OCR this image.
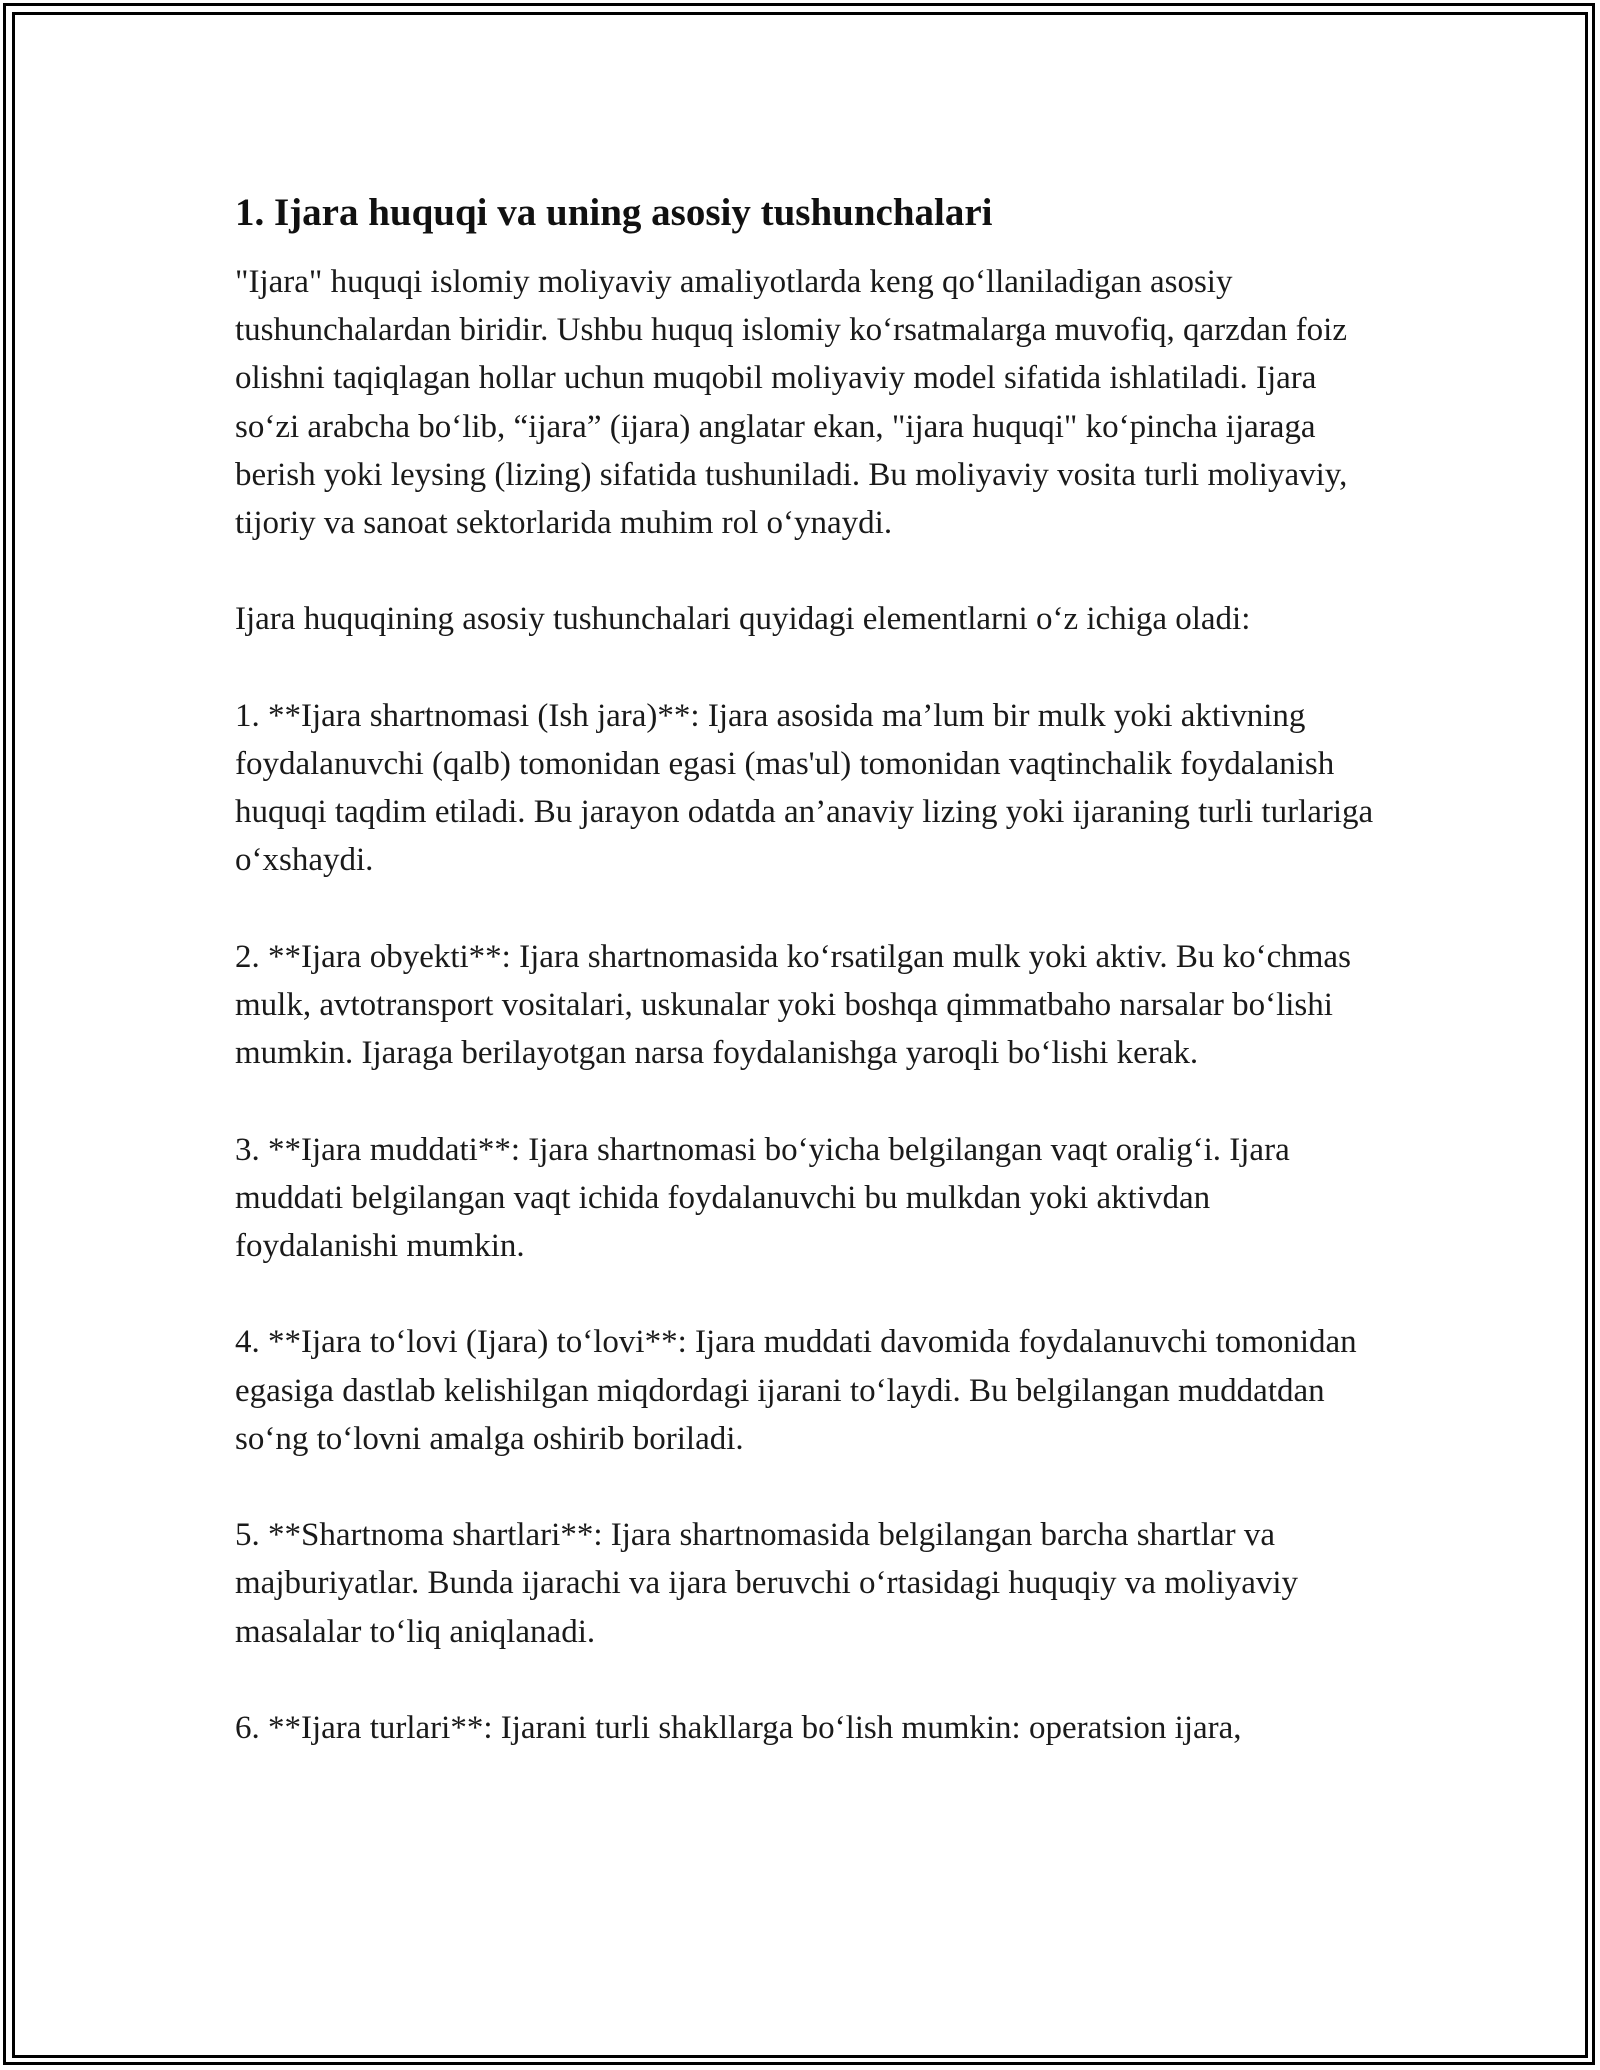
1. Ijara huquqi va uning asosiy tushunchalari

"Ijara" huquqi islomiy moliyaviy amaliyotlarda keng qo‘llaniladigan asosiy tushunchalardan biridir. Ushbu huquq islomiy ko‘rsatmalarga muvofiq, qarzdan foiz olishni taqiqlagan hollar uchun muqobil moliyaviy model sifatida ishlatiladi. Ijara so‘zi arabcha bo‘lib, “ijara” (ijara) anglatar ekan, "ijara huquqi" ko‘pincha ijaraga berish yoki leysing (lizing) sifatida tushuniladi. Bu moliyaviy vosita turli moliyaviy, tijoriy va sanoat sektorlarida muhim rol o‘ynaydi.

Ijara huquqining asosiy tushunchalari quyidagi elementlarni o‘z ichiga oladi:

1. **Ijara shartnomasi (Ish jara)**: Ijara asosida ma’lum bir mulk yoki aktivning foydalanuvchi (qalb) tomonidan egasi (mas'ul) tomonidan vaqtinchalik foydalanish huquqi taqdim etiladi. Bu jarayon odatda an’anaviy lizing yoki ijaraning turli turlariga o‘xshaydi.

2. **Ijara obyekti**: Ijara shartnomasida ko‘rsatilgan mulk yoki aktiv. Bu ko‘chmas mulk, avtotransport vositalari, uskunalar yoki boshqa qimmatbaho narsalar bo‘lishi mumkin. Ijaraga berilayotgan narsa foydalanishga yaroqli bo‘lishi kerak.

3. **Ijara muddati**: Ijara shartnomasi bo‘yicha belgilangan vaqt oralig‘i. Ijara muddati belgilangan vaqt ichida foydalanuvchi bu mulkdan yoki aktivdan foydalanishi mumkin.

4. **Ijara to‘lovi (Ijara) to‘lovi**: Ijara muddati davomida foydalanuvchi tomonidan egasiga dastlab kelishilgan miqdordagi ijarani to‘laydi. Bu belgilangan muddatdan so‘ng to‘lovni amalga oshirib boriladi.

5. **Shartnoma shartlari**: Ijara shartnomasida belgilangan barcha shartlar va majburiyatlar. Bunda ijarachi va ijara beruvchi o‘rtasidagi huquqiy va moliyaviy masalalar to‘liq aniqlanadi.

6. **Ijara turlari**: Ijarani turli shakllarga bo‘lish mumkin: operatsion ijara,
